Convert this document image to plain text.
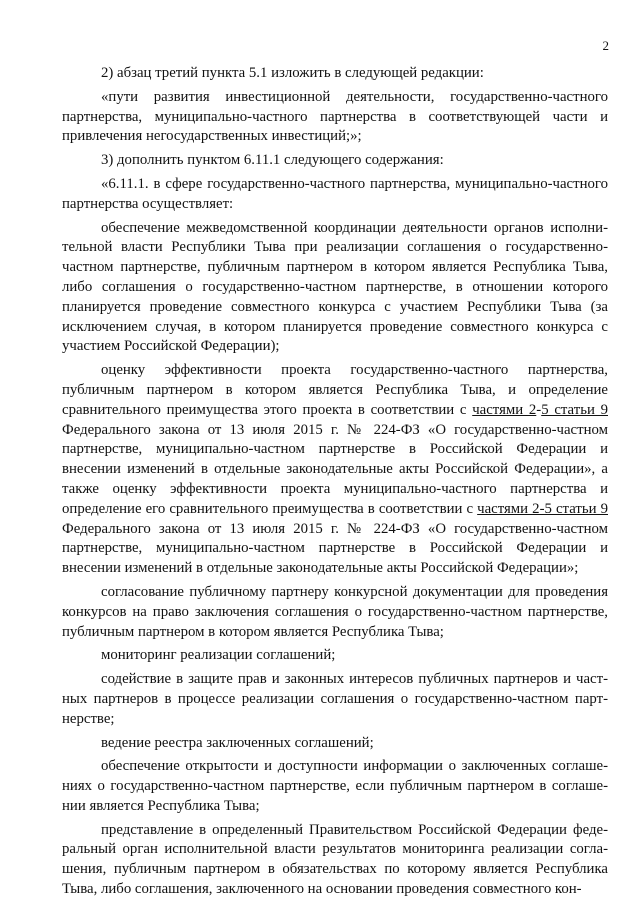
2

2) абзац третий пункта 5.1 изложить в следующей редакции:

«пути развития инвестиционной деятельности, государственно-частного партнерства, муниципально-частного партнерства в соответствующей части и привлечения негосударственных инвестиций;»;

3) дополнить пунктом 6.11.1 следующего содержания:

«6.11.1. в сфере государственно-частного партнерства, муниципально-частного партнерства осуществляет:

обеспечение межведомственной координации деятельности органов исполнительной власти Республики Тыва при реализации соглашения о государственно-частном партнерстве, публичным партнером в котором является Республика Тыва, либо соглашения о государственно-частном партнерстве, в отношении которого планируется проведение совместного конкурса с участием Республики Тыва (за исключением случая, в котором планируется проведение совместного конкурса с участием Российской Федерации);

оценку эффективности проекта государственно-частного партнерства, публичным партнером в котором является Республика Тыва, и определение сравнительного преимущества этого проекта в соответствии с частями 2-5 статьи 9 Федерального закона от 13 июля 2015 г. № 224-ФЗ «О государственно-частном партнерстве, муниципально-частном партнерстве в Российской Федерации и внесении изменений в отдельные законодательные акты Российской Федерации», а также оценку эффективности проекта муниципально-частного партнерства и определение его сравнительного преимущества в соответствии с частями 2-5 статьи 9 Федерального закона от 13 июля 2015 г. № 224-ФЗ «О государственно-частном партнерстве, муниципально-частном партнерстве в Российской Федерации и внесении изменений в отдельные законодательные акты Российской Федерации»;

согласование публичному партнеру конкурсной документации для проведения конкурсов на право заключения соглашения о государственно-частном партнерстве, публичным партнером в котором является Республика Тыва;

мониторинг реализации соглашений;

содействие в защите прав и законных интересов публичных партнеров и частных партнеров в процессе реализации соглашения о государственно-частном партнерстве;

ведение реестра заключенных соглашений;

обеспечение открытости и доступности информации о заключенных соглашениях о государственно-частном партнерстве, если публичным партнером в соглашении является Республика Тыва;

представление в определенный Правительством Российской Федерации федеральный орган исполнительной власти результатов мониторинга реализации соглашения, публичным партнером в обязательствах по которому является Республика Тыва, либо соглашения, заключенного на основании проведения совместного кон-
